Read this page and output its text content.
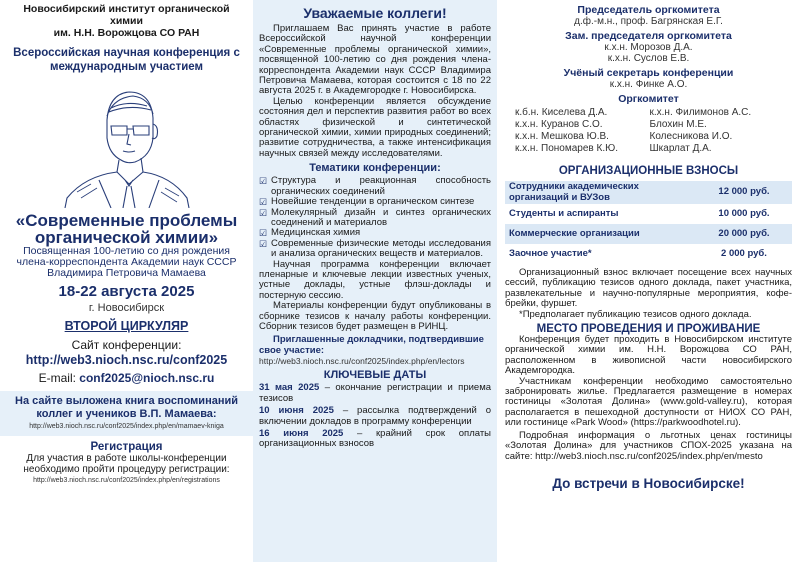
Новосибирский институт органической химии

им. Н.Н. Ворожцова СО РАН

Всероссийская научная конференция с международным участием

«Современные проблемы органической химии»

Посвященная 100-летию со дня рождения члена-корреспондента Академии наук СССР Владимира Петровича Мамаева

18-22 августа 2025

г. Новосибирск

ВТОРОЙ ЦИРКУЛЯР

Сайт конференции:

http://web3.nioch.nsc.ru/conf2025

E-mail: conf2025@nioch.nsc.ru

На сайте выложена книга воспоминаний коллег и учеников В.П. Мамаева:

http://web3.nioch.nsc.ru/conf2025/index.php/en/mamaev-kniga

Регистрация

Для участия в работе школы-конференции необходимо пройти процедуру регистрации:

http://web3.nioch.nsc.ru/conf2025/index.php/en/registrations

Уважаемые коллеги!

Приглашаем Вас принять участие в работе Всероссийской научной конференции «Современные проблемы органической химии», посвященной 100-летию со дня рождения члена-корреспондента Академии наук СССР Владимира Петровича Мамаева, которая состоится с 18 по 22 августа 2025 г. в Академгородке г. Новосибирска.

Целью конференции является обсуждение состояния дел и перспектив развития работ во всех областях физической и синтетической органической химии, химии природных соединений; развитие сотрудничества, а также интенсификация научных связей между исследователями.

Тематики конференции:

☑ Структура и реакционная способность органических соединений
☑ Новейшие тенденции в органическом синтезе
☑ Молекулярный дизайн и синтез органических соединений и материалов
☑ Медицинская химия
☑ Современные физические методы исследования и анализа органических веществ и материалов.

Научная программа конференции включает пленарные и ключевые лекции известных ученых, устные доклады, устные флэш-доклады и постерную сессию.

Материалы конференции будут опубликованы в сборнике тезисов к началу работы конференции. Сборник тезисов будет размещен в РИНЦ.

Приглашенные докладчики, подтвердившие свое участие:

http://web3.nioch.nsc.ru/conf2025/index.php/en/lectors

КЛЮЧЕВЫЕ ДАТЫ

31 мая 2025 – окончание регистрации и приема тезисов

10 июня 2025 – рассылка подтверждений о включении докладов в программу конференции

16 июня 2025 – крайний срок оплаты организационных взносов

Председатель оргкомитета

д.ф.-м.н., проф. Багрянская Е.Г.

Зам. председателя оргкомитета

к.х.н. Морозов Д.А.

к.х.н. Суслов Е.В.

Учёный секретарь конференции

к.х.н. Финке А.О.

Оргкомитет

к.б.н. Киселева Д.А.	к.х.н. Филимонов А.С.
к.х.н. Куранов С.О.	Блохин М.Е.
к.х.н. Мешкова Ю.В.	Колесникова И.О.
к.х.н. Пономарев К.Ю.	Шкарлат Д.А.

ОРГАНИЗАЦИОННЫЕ ВЗНОСЫ

Сотрудники академических организаций и ВУЗов	12 000 руб.
Студенты и аспиранты	10 000 руб.
Коммерческие организации	20 000 руб.
Заочное участие*	2 000 руб.

Организационный взнос включает посещение всех научных сессий, публикацию тезисов одного доклада, пакет участника, развлекательные и научно-популярные мероприятия, кофе-брейки, фуршет.

*Предполагает публикацию тезисов одного доклада.

МЕСТО ПРОВЕДЕНИЯ И ПРОЖИВАНИЕ

Конференция будет проходить в Новосибирском институте органической химии им. Н.Н. Ворожцова СО РАН, расположенном в живописной части новосибирского Академгородка.

Участникам конференции необходимо самостоятельно забронировать жилье. Предлагается размещение в номерах гостиницы «Золотая Долина» (www.gold-valley.ru), которая располагается в пешеходной доступности от НИОХ СО РАН, или гостинице «Park Wood» (https://parkwoodhotel.ru).

Подробная информация о льготных ценах гостиницы «Золотая Долина» для участников СПОХ-2025 указана на сайте: http://web3.nioch.nsc.ru/conf2025/index.php/en/mesto

До встречи в Новосибирске!
